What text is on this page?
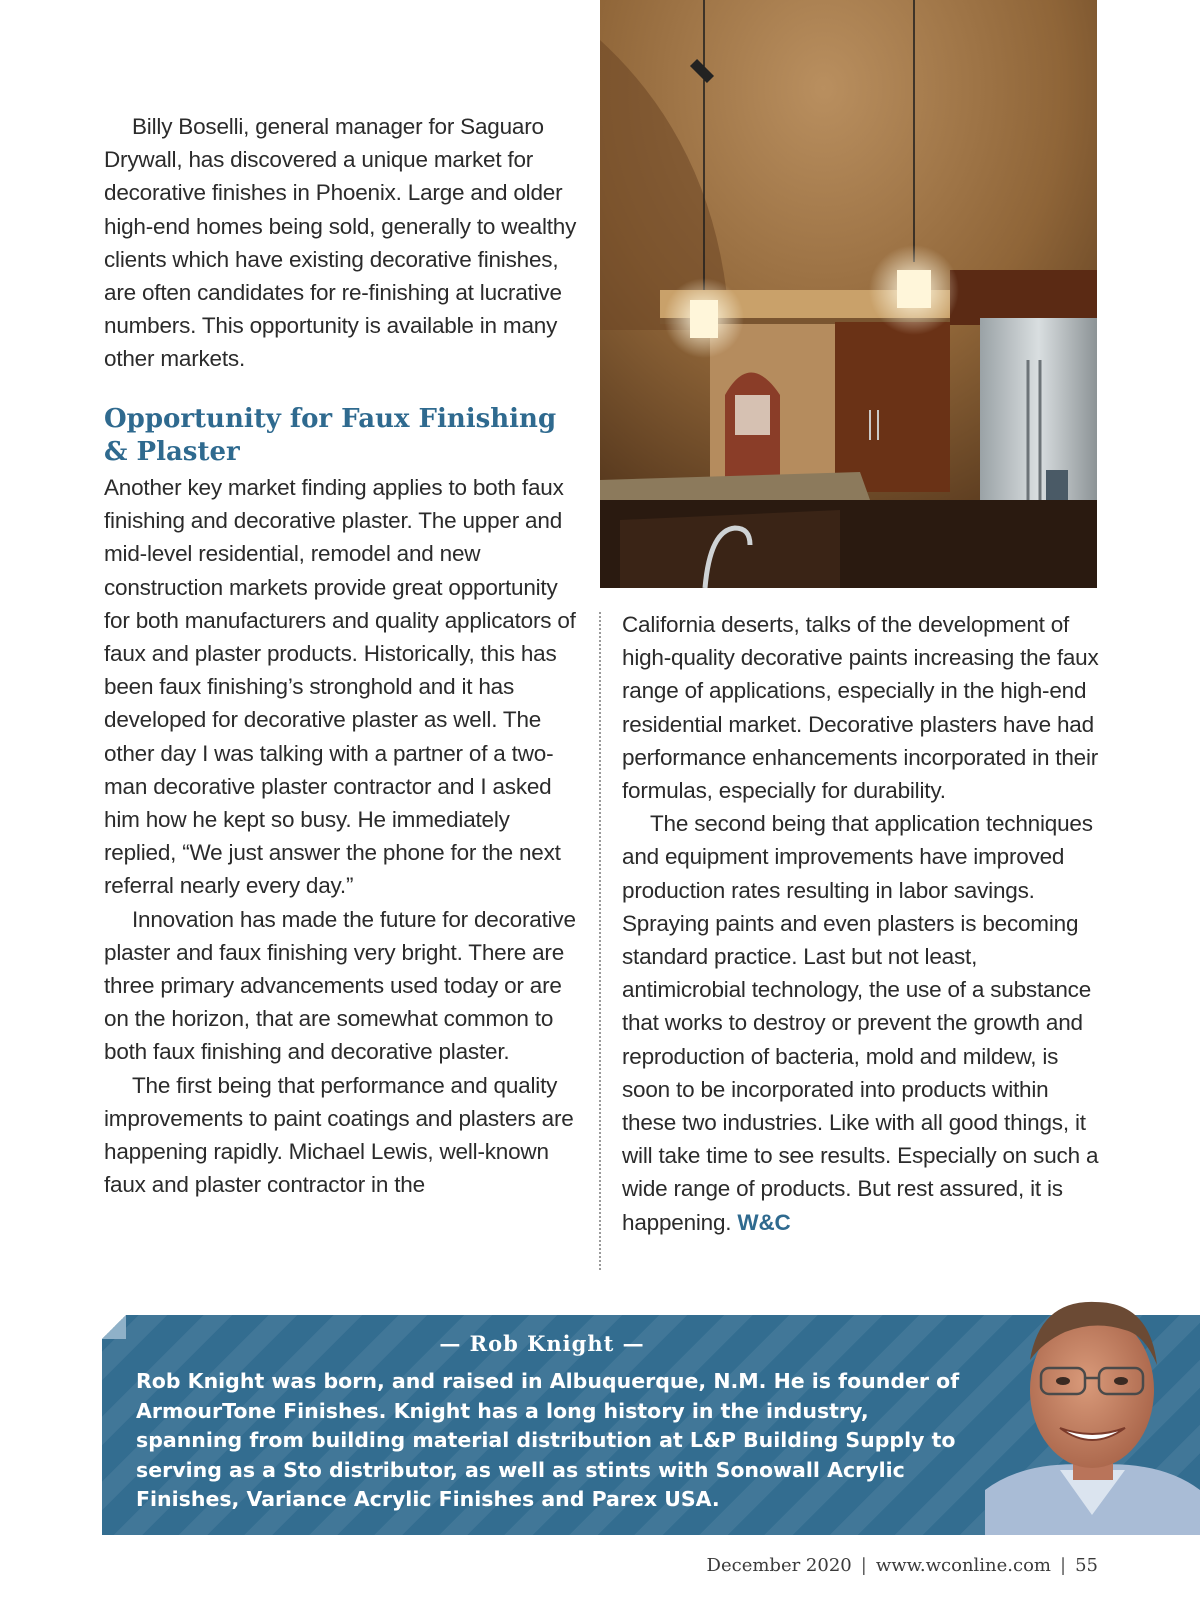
Billy Boselli, general manager for Saguaro Drywall, has discovered a unique market for decorative finishes in Phoenix. Large and older high-end homes being sold, generally to wealthy clients which have existing decorative finishes, are often candidates for re-finishing at lucrative numbers. This opportunity is available in many other markets.

Opportunity for Faux Finishing & Plaster

Another key market finding applies to both faux finishing and decorative plaster. The upper and mid-level residential, remodel and new construction markets provide great opportunity for both manufacturers and quality applicators of faux and plaster products. Historically, this has been faux finishing’s stronghold and it has developed for decorative plaster as well. The other day I was talking with a partner of a two-man decorative plaster contractor and I asked him how he kept so busy. He immediately replied, “We just answer the phone for the next referral nearly every day.”

Innovation has made the future for decorative plaster and faux finishing very bright. There are three primary advancements used today or are on the horizon, that are somewhat common to both faux finishing and decorative plaster.

The first being that performance and quality improvements to paint coatings and plasters are happening rapidly. Michael Lewis, well-known faux and plaster contractor in the

California deserts, talks of the development of high-quality decorative paints increasing the faux range of applications, especially in the high-end residential market. Decorative plasters have had performance enhancements incorporated in their formulas, especially for durability.

The second being that application techniques and equipment improvements have improved production rates resulting in labor savings. Spraying paints and even plasters is becoming standard practice. Last but not least, antimicrobial technology, the use of a substance that works to destroy or prevent the growth and reproduction of bacteria, mold and mildew, is soon to be incorporated into products within these two industries. Like with all good things, it will take time to see results. Especially on such a wide range of products. But rest assured, it is happening. W&C

— Rob Knight —
Rob Knight was born, and raised in Albuquerque, N.M. He is founder of ArmourTone Finishes. Knight has a long history in the industry, spanning from building material distribution at L&P Building Supply to serving as a Sto distributor, as well as stints with Sonowall Acrylic Finishes, Variance Acrylic Finishes and Parex USA.
December 2020 | www.wconline.com | 55
